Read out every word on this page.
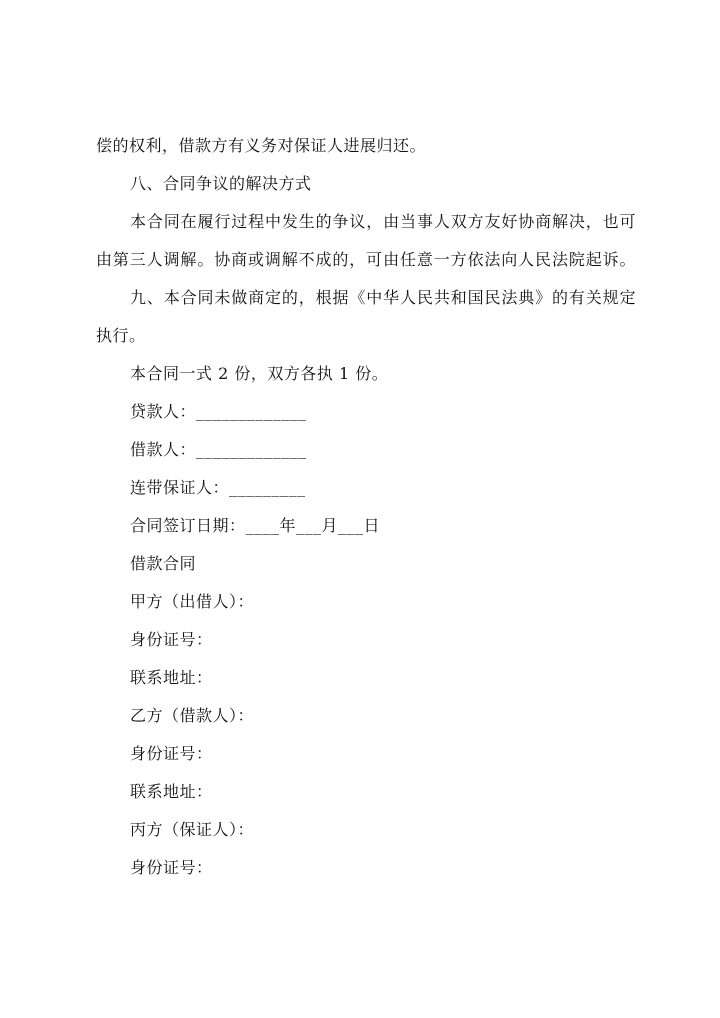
偿的权利，借款方有义务对保证人进展归还。
八、合同争议的解决方式
本合同在履行过程中发生的争议，由当事人双方友好协商解决，也可
由第三人调解。协商或调解不成的，可由任意一方依法向人民法院起诉。
九、本合同未做商定的，根据《中华人民共和国民法典》的有关规定
执行。
本合同一式 2 份，双方各执 1 份。
贷款人：_____________
借款人：_____________
连带保证人：_________
合同签订日期：____年___月___日
借款合同
甲方（出借人）：
身份证号：
联系地址：
乙方（借款人）：
身份证号：
联系地址：
丙方（保证人）：
身份证号：
